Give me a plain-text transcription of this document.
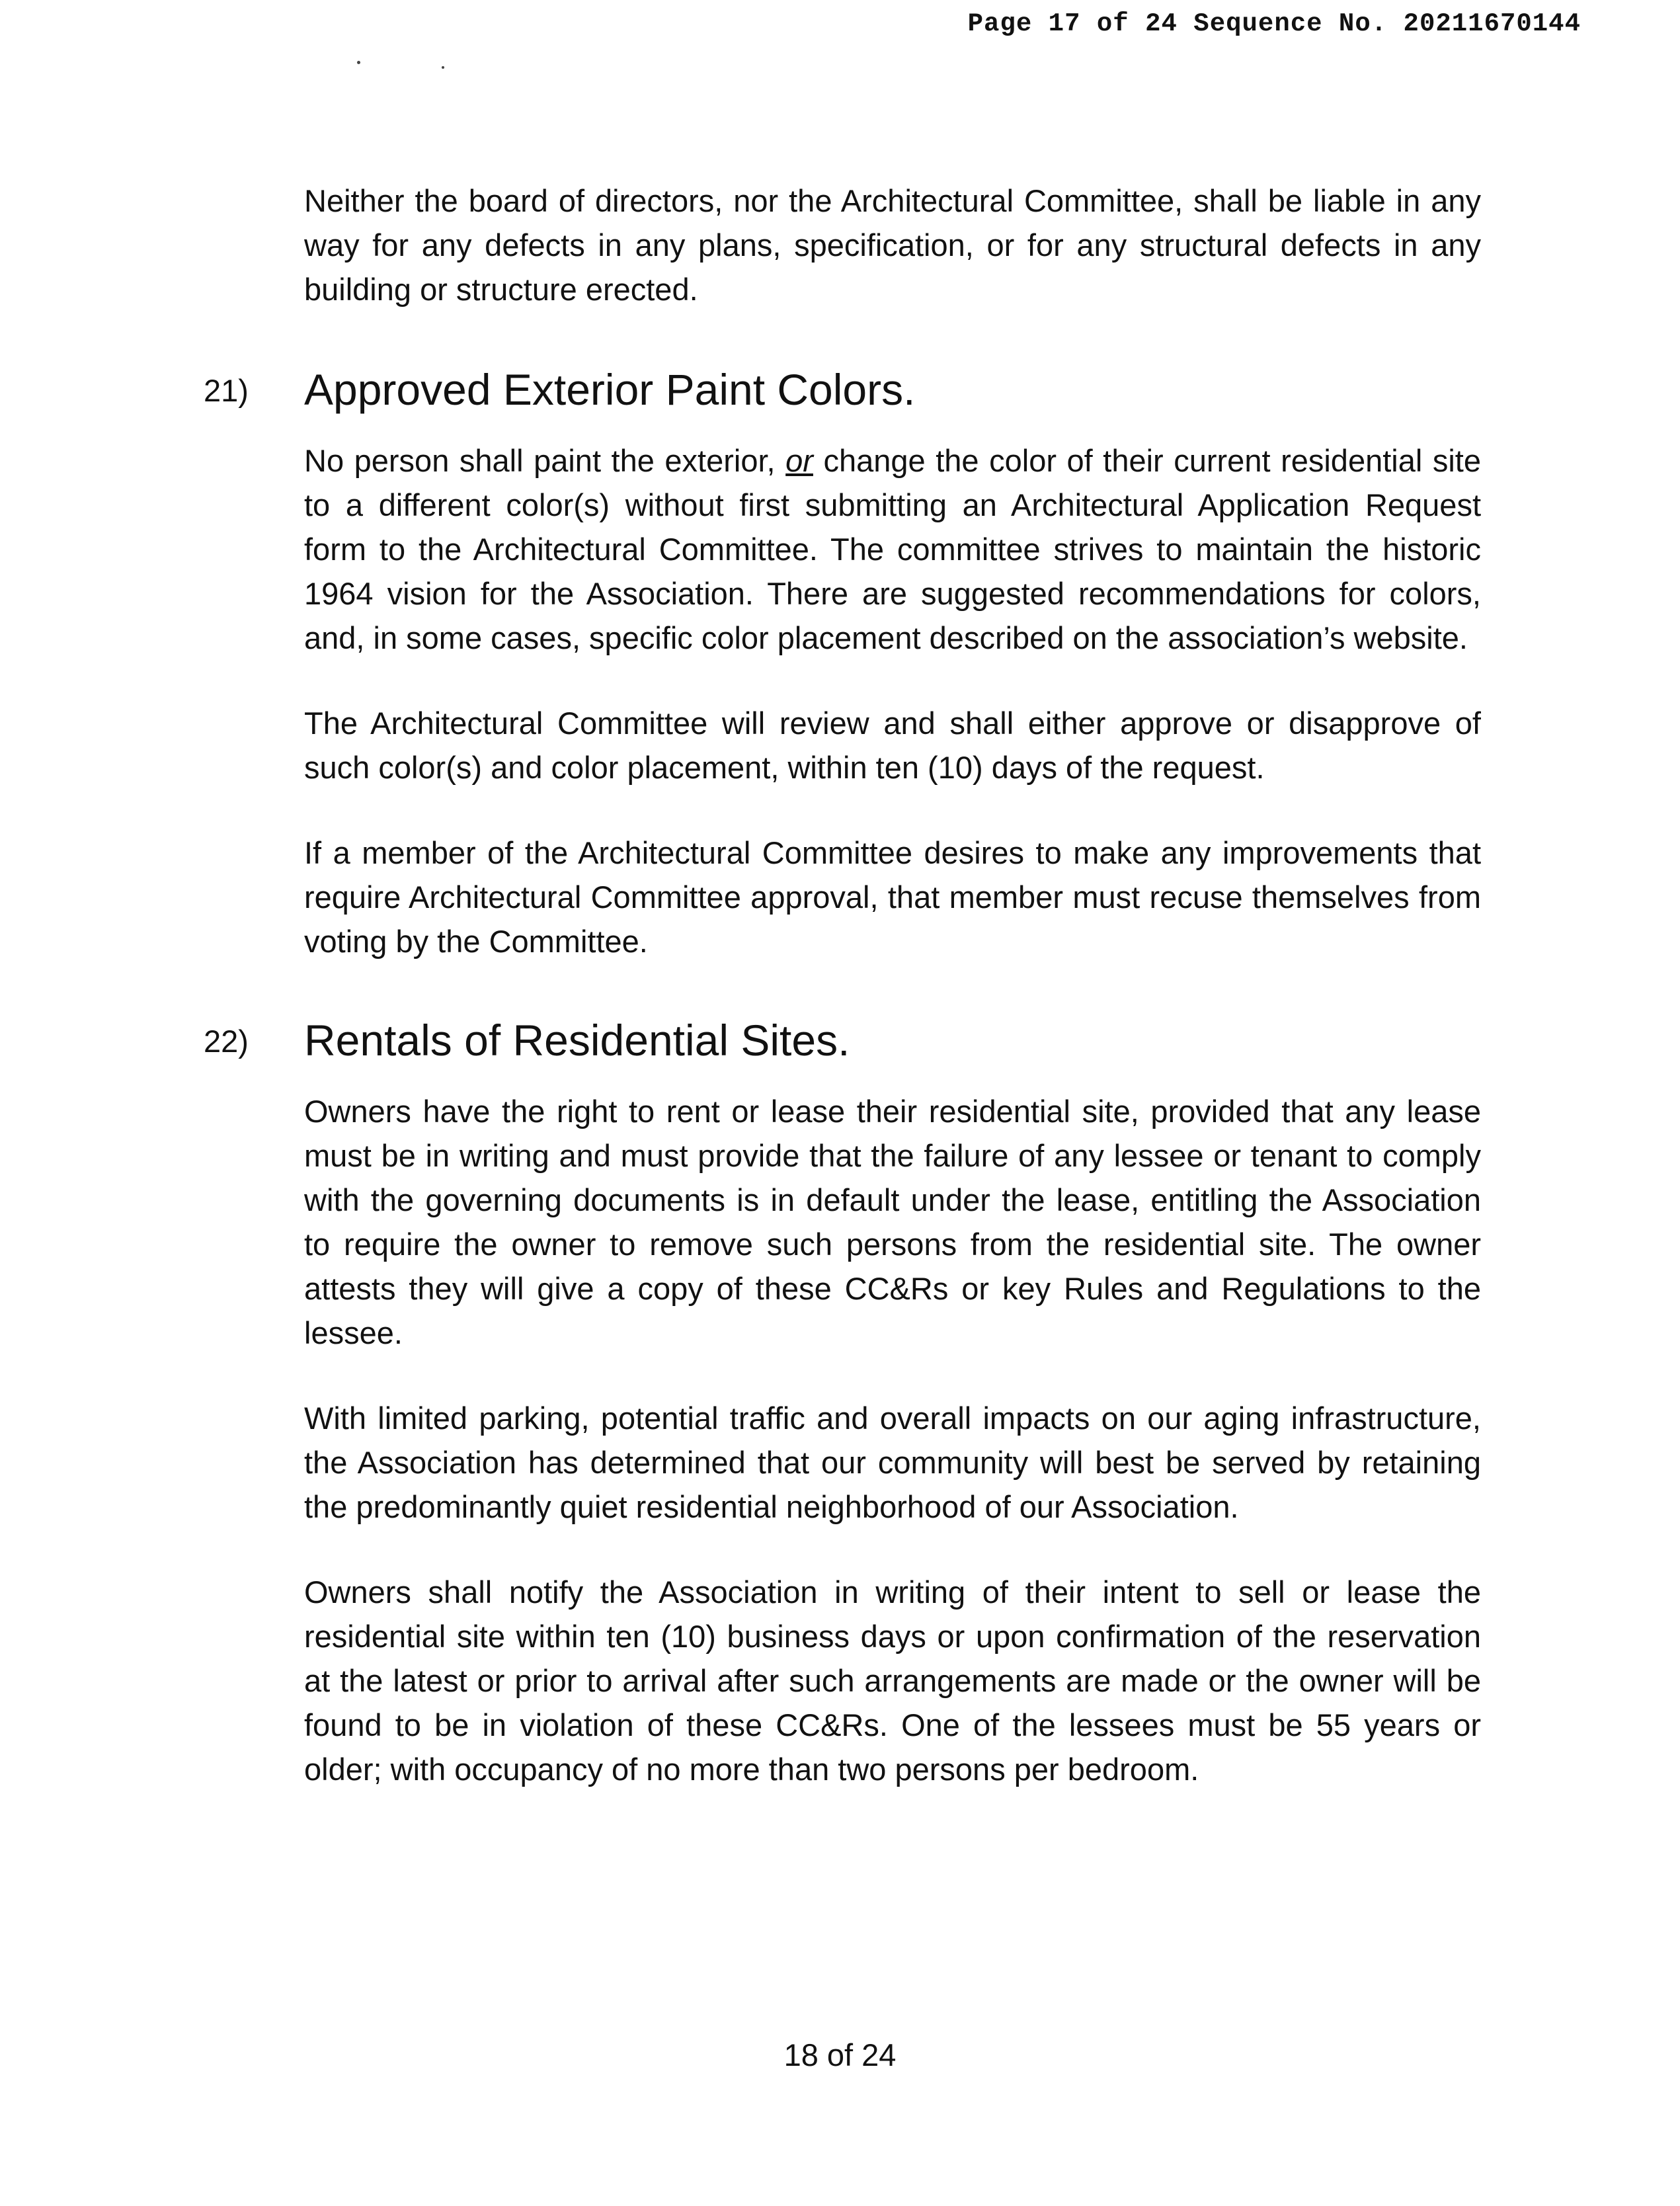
Page 17 of 24 Sequence No. 20211670144

Neither the board of directors, nor the Architectural Committee, shall be liable in any way for any defects in any plans, specification, or for any structural defects in any building or structure erected.

21) Approved Exterior Paint Colors.

No person shall paint the exterior, or change the color of their current residential site to a different color(s) without first submitting an Architectural Application Request form to the Architectural Committee. The committee strives to maintain the historic 1964 vision for the Association. There are suggested recommendations for colors, and, in some cases, specific color placement described on the association’s website.

The Architectural Committee will review and shall either approve or disapprove of such color(s) and color placement, within ten (10) days of the request.

If a member of the Architectural Committee desires to make any improvements that require Architectural Committee approval, that member must recuse themselves from voting by the Committee.

22) Rentals of Residential Sites.

Owners have the right to rent or lease their residential site, provided that any lease must be in writing and must provide that the failure of any lessee or tenant to comply with the governing documents is in default under the lease, entitling the Association to require the owner to remove such persons from the residential site. The owner attests they will give a copy of these CC&Rs or key Rules and Regulations to the lessee.

With limited parking, potential traffic and overall impacts on our aging infrastructure, the Association has determined that our community will best be served by retaining the predominantly quiet residential neighborhood of our Association.

Owners shall notify the Association in writing of their intent to sell or lease the residential site within ten (10) business days or upon confirmation of the reservation at the latest or prior to arrival after such arrangements are made or the owner will be found to be in violation of these CC&Rs. One of the lessees must be 55 years or older; with occupancy of no more than two persons per bedroom.

18 of 24
